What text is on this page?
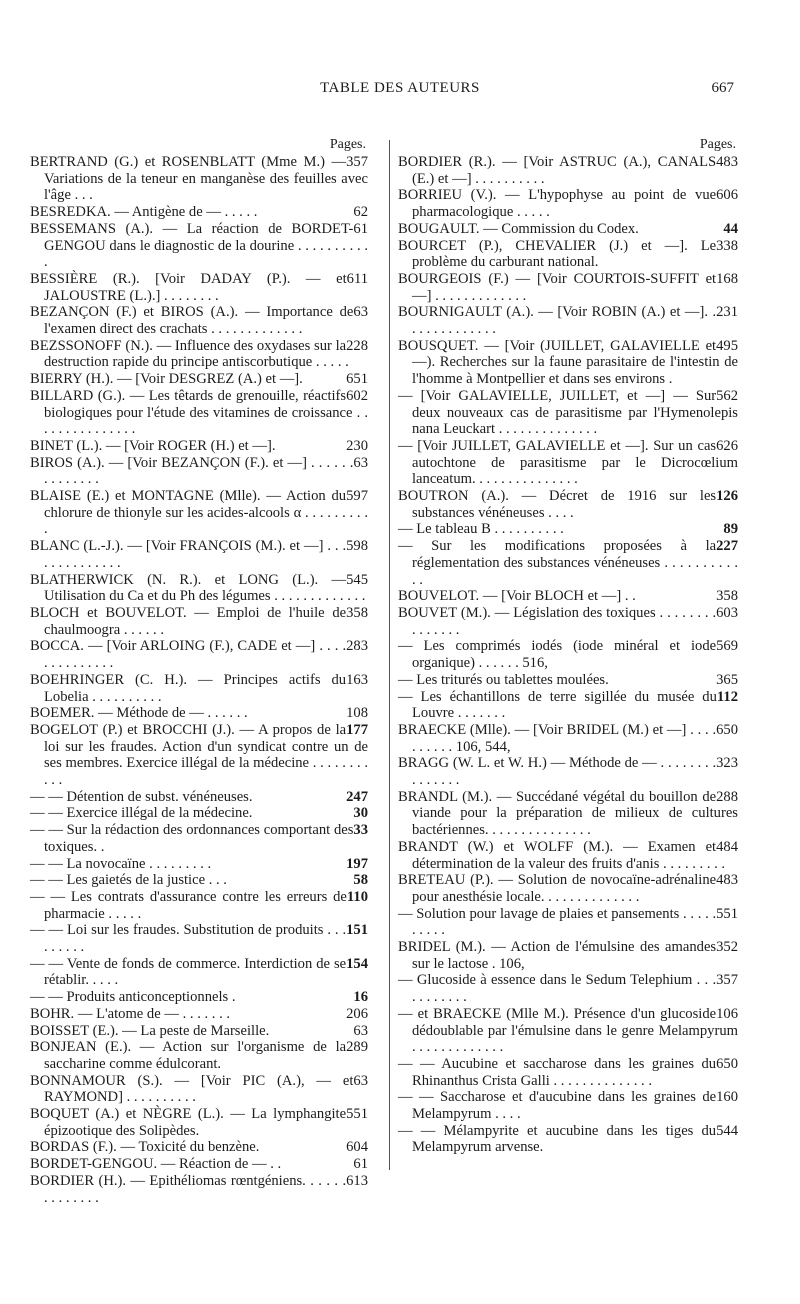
TABLE DES AUTEURS	667
Pages.
357
BERTRAND (G.) et ROSENBLATT (Mme M.) — Variations de la teneur en manganèse des feuilles avec l'âge . . .
62
BESREDKA. — Antigène de — . . . . .
61
BESSEMANS (A.). — La réaction de BORDET-GENGOU dans le diagnostic de la dourine . . . . . . . . . . .
611
BESSIÈRE (R.). [Voir DADAY (P.). — et JALOUSTRE (L.).] . . . . . . . .
63
BEZANÇON (F.) et BIROS (A.). — Importance de l'examen direct des crachats . . . . . . . . . . . . .
228
BEZSSONOFF (N.). — Influence des oxydases sur la destruction rapide du principe antiscorbutique . . . . .
651
BIERRY (H.). — [Voir DESGREZ (A.) et —].
602
BILLARD (G.). — Les têtards de grenouille, réactifs biologiques pour l'étude des vitamines de croissance . . . . . . . . . . . . . . .
230
BINET (L.). — [Voir ROGER (H.) et —].
63
BIROS (A.). — [Voir BEZANÇON (F.). et —] . . . . . . . . . . . . . .
597
BLAISE (E.) et MONTAGNE (Mlle). — Action du chlorure de thionyle sur les acides-alcools α . . . . . . . . . .
598
BLANC (L.-J.). — [Voir FRANÇOIS (M.). et —] . . . . . . . . . . . . . .
545
BLATHERWICK (N. R.). et LONG (L.). — Utilisation du Ca et du Ph des légumes . . . . . . . . . . . . .
358
BLOCH et BOUVELOT. — Emploi de l'huile de chaulmoogra . . . . . .
283
BOCCA. — [Voir ARLOING (F.), CADE et —] . . . . . . . . . . . . . .
163
BOEHRINGER (C. H.). — Principes actifs du Lobelia . . . . . . . . . .
108
BOEMER. — Méthode de — . . . . . .
177
BOGELOT (P.) et BROCCHI (J.). — A propos de la loi sur les fraudes. Action d'un syndicat contre un de ses membres. Exercice illégal de la médecine . . . . . . . . . . .
247
— — Détention de subst. vénéneuses.
30
— — Exercice illégal de la médecine.
33
— — Sur la rédaction des ordonnances comportant des toxiques. .
197
— — La novocaïne . . . . . . . . .
58
— — Les gaietés de la justice . . .
110
— — Les contrats d'assurance contre les erreurs de pharmacie . . . . .
151
— — Loi sur les fraudes. Substitution de produits . . . . . . . . .
154
— — Vente de fonds de commerce. Interdiction de se rétablir. . . . .
16
— — Produits anticonceptionnels .
206
BOHR. — L'atome de — . . . . . . .
63
BOISSET (E.). — La peste de Marseille.
289
BONJEAN (E.). — Action sur l'organisme de la saccharine comme édulcorant.
63
BONNAMOUR (S.). — [Voir PIC (A.), — et RAYMOND] . . . . . . . . . .
551
BOQUET (A.) et NÈGRE (L.). — La lymphangite épizootique des Solipèdes.
604
BORDAS (F.). — Toxicité du benzène.
61
BORDET-GENGOU. — Réaction de — . .
613
BORDIER (H.). — Epithéliomas rœntgéniens. . . . . . . . . . . . . .
Pages.
483
BORDIER (R.). — [Voir ASTRUC (A.), CANALS (E.) et —] . . . . . . . . . .
606
BORRIEU (V.). — L'hypophyse au point de vue pharmacologique . . . . .
44
BOUGAULT. — Commission du Codex.
338
BOURCET (P.), CHEVALIER (J.) et —]. Le problème du carburant national.
168
BOURGEOIS (F.) — [Voir COURTOIS-SUFFIT et —] . . . . . . . . . . . . .
231
BOURNIGAULT (A.). — [Voir ROBIN (A.) et —]. . . . . . . . . . . . . .
495
BOUSQUET. — [Voir (JUILLET, GALAVIELLE et —). Recherches sur la faune parasitaire de l'intestin de l'homme à Montpellier et dans ses environs .
562
— [Voir GALAVIELLE, JUILLET, et —] — Sur deux nouveaux cas de parasitisme par l'Hymenolepis nana Leuckart . . . . . . . . . . . . . .
626
— [Voir JUILLET, GALAVIELLE et —]. Sur un cas autochtone de parasitisme par le Dicrocœlium lanceatum. . . . . . . . . . . . . . .
126
BOUTRON (A.). — Décret de 1916 sur les substances vénéneuses . . . .
89
— Le tableau B . . . . . . . . . .
227
— Sur les modifications proposées à la réglementation des substances vénéneuses . . . . . . . . . . . .
358
BOUVELOT. — [Voir BLOCH et —] . .
603
BOUVET (M.). — Législation des toxiques . . . . . . . . . . . . . . .
569
— Les comprimés iodés (iode minéral et iode organique) . . . . . . 516,
365
— Les triturés ou tablettes moulées.
112
— Les échantillons de terre sigillée du musée du Louvre . . . . . . .
650
BRAECKE (Mlle). — [Voir BRIDEL (M.) et —] . . . . . . . . . . 106, 544,
323
BRAGG (W. L. et W. H.) — Méthode de — . . . . . . . . . . . . . . .
288
BRANDL (M.). — Succédané végétal du bouillon de viande pour la préparation de milieux de cultures bactériennes. . . . . . . . . . . . . . .
484
BRANDT (W.) et WOLFF (M.). — Examen et détermination de la valeur des fruits d'anis . . . . . . . . .
483
BRETEAU (P.). — Solution de novocaïne-adrénaline pour anesthésie locale. . . . . . . . . . . . . .
551
— Solution pour lavage de plaies et pansements . . . . . . . . . .
352
BRIDEL (M.). — Action de l'émulsine des amandes sur le lactose . 106,
357
— Glucoside à essence dans le Sedum Telephium . . . . . . . . . . .
106
— et BRAECKE (Mlle M.). Présence d'un glucoside dédoublable par l'émulsine dans le genre Melampyrum . . . . . . . . . . . . .
650
— — Aucubine et saccharose dans les graines du Rhinanthus Crista Galli . . . . . . . . . . . . . .
160
— — Saccharose et d'aucubine dans les graines de Melampyrum . . . .
544
— — Mélampyrite et aucubine dans les tiges du Melampyrum arvense.
